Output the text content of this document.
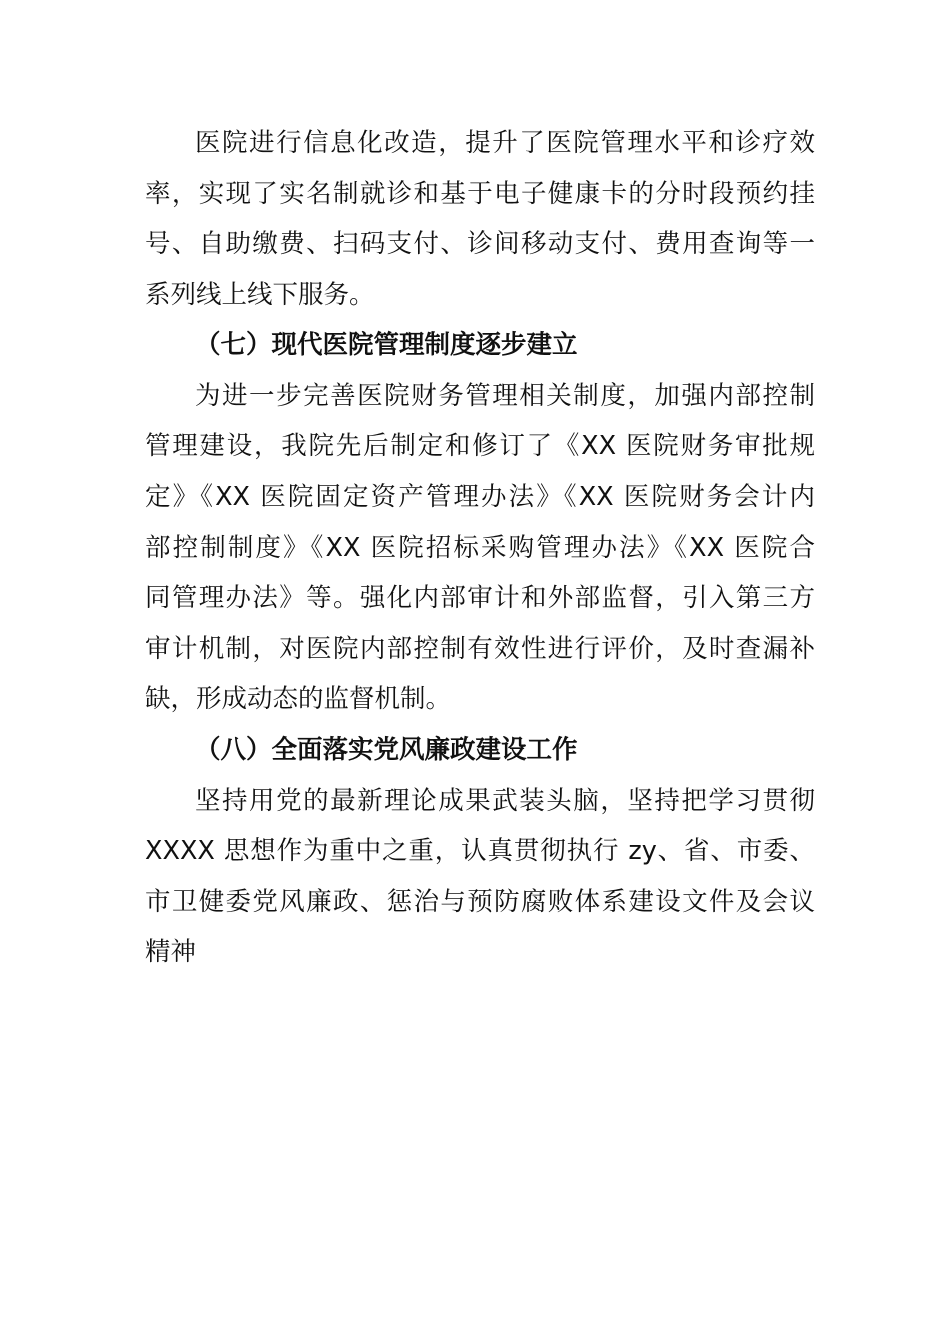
医院进行信息化改造，提升了医院管理水平和诊疗效
率，实现了实名制就诊和基于电子健康卡的分时段预约挂
号、自助缴费、扫码支付、诊间移动支付、费用查询等一
系列线上线下服务。
（七）现代医院管理制度逐步建立
为进一步完善医院财务管理相关制度，加强内部控制
管理建设，我院先后制定和修订了《XX 医院财务审批规
定》《XX 医院固定资产管理办法》《XX 医院财务会计内
部控制制度》《XX 医院招标采购管理办法》《XX 医院合
同管理办法》等。强化内部审计和外部监督，引入第三方
审计机制，对医院内部控制有效性进行评价，及时查漏补
缺，形成动态的监督机制。
（八）全面落实党风廉政建设工作
坚持用党的最新理论成果武装头脑，坚持把学习贯彻
XXXX 思想作为重中之重，认真贯彻执行 zy、省、市委、
市卫健委党风廉政、惩治与预防腐败体系建设文件及会议
精神
